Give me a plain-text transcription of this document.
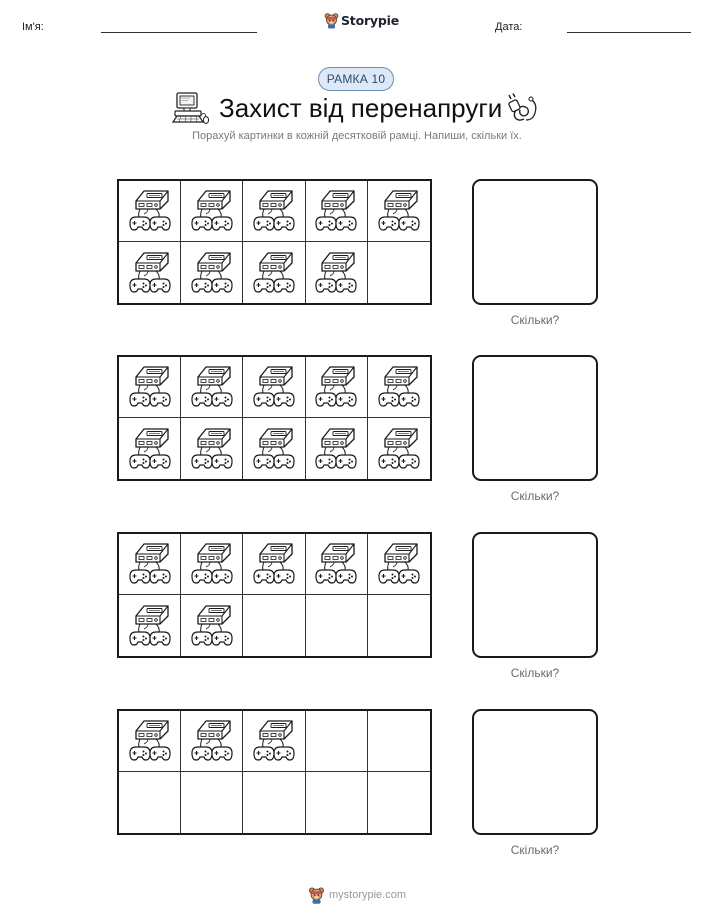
Ім'я:	Storypie	Дата:
РАМКА 10
Захист від перенапруги
Порахуй картинки в кожній десятковій рамці. Напиши, скільки їх.
Скільки?
Скільки?
Скільки?
Скільки?
mystorypie.com
